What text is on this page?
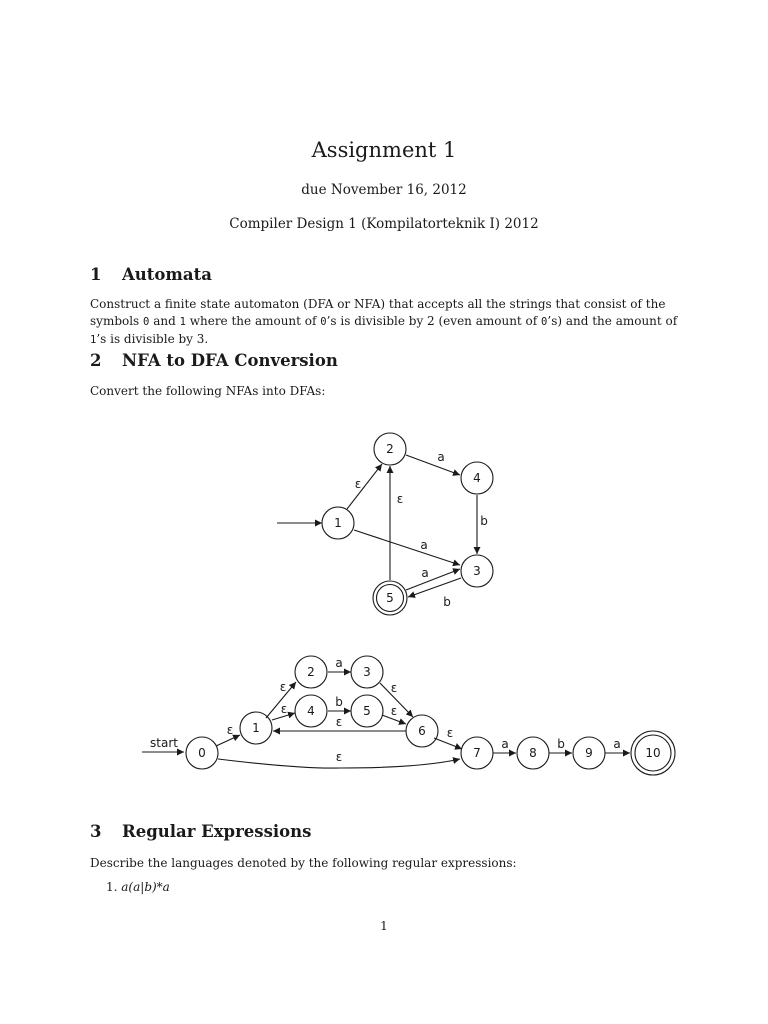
Assignment 1
due November 16, 2012
Compiler Design 1 (Kompilatorteknik I) 2012
1 Automata
Construct a finite state automaton (DFA or NFA) that accepts all the strings that consist of the symbols 0 and 1 where the amount of 0’s is divisible by 2 (even amount of 0’s) and the amount of 1’s is divisible by 3.
2 NFA to DFA Conversion
Convert the following NFAs into DFAs:
1
2
3
4
5
ε
a
b
a
ε
a
b
start
0
1
2	3
4	5
6
7	8	9	10
ε
ε
a
ε
ε	b
ε
ε
ε
ε
a	b	a
3 Regular Expressions
Describe the languages denoted by the following regular expressions:
1. a(a|b)*a
1
